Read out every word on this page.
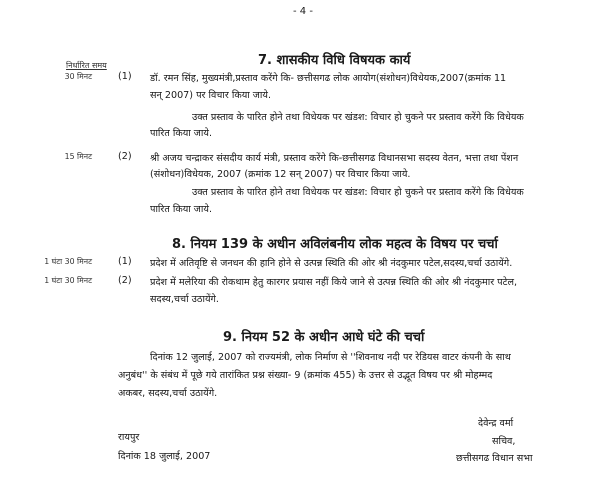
- 4 -
7. शासकीय विधि विषयक कार्य
निर्धारित समय
30 मिनट	(1) डॉ. रमन सिंह, मुख्यमंत्री,प्रस्ताव करेंगे कि- छत्तीसगढ लोक आयोग(संशोधन)विधेयक,2007(क्रमांक 11
सन् 2007) पर विचार किया जाये.
उक्त प्रस्ताव के पारित होने तथा विधेयक पर खंडश: विचार हो चुकने पर प्रस्ताव करेंगे कि विधेयक
पारित किया जाये.
15 मिनट	(2) श्री अजय चन्द्राकर संसदीय कार्य मंत्री, प्रस्ताव करेंगे कि-छत्तीसगढ विधानसभा सदस्य वेतन, भत्ता तथा पेंशन
(संशोधन)विधेयक, 2007 (क्रमांक 12 सन् 2007) पर विचार किया जाये.
उक्त प्रस्ताव के पारित होने तथा विधेयक पर खंडश: विचार हो चुकने पर प्रस्ताव करेंगे कि विधेयक
पारित किया जाये.
8. नियम 139 के अधीन अविलंबनीय लोक महत्व के विषय पर चर्चा
1 घंटा 30 मिनट	(1) प्रदेश में अतिवृष्टि से जनधन की हानि होने से उत्पन्न स्थिति की ओर श्री नंदकुमार पटेल,सदस्य,चर्चा उठायेंगे.
1 घंटा 30 मिनट	(2) प्रदेश में मलेरिया की रोकथाम हेतु कारगर प्रयास नहीं किये जाने से उत्पन्न स्थिति की ओर श्री नंदकुमार पटेल,
सदस्य,चर्चा उठायेंगे.
9. नियम 52 के अधीन आधे घंटे की चर्चा
दिनांक 12 जुलाई, 2007 को राज्यमंत्री, लोक निर्माण से ''शिवनाथ नदी पर रेडियस वाटर कंपनी के साथ
अनुबंध'' के संबंध में पूछे गये तारांकित प्रश्न संख्या- 9 (क्रमांक 455) के उत्तर से उद्भूत विषय पर श्री मोहम्मद
अकबर, सदस्य,चर्चा उठायेंगे.
रायपुर
दिनांक 18 जुलाई, 2007
देवेन्द्र वर्मा
सचिव,
छत्तीसगढ विधान सभा
